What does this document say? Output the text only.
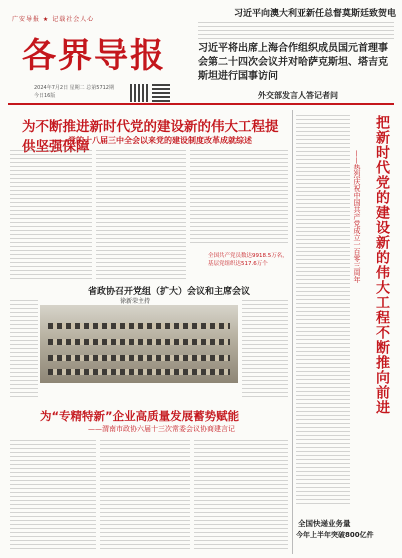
广安导报 ★ 记载社会人心
各界导报
2024年7月2日 星期二 总第5712期
今日16版
习近平向澳大利亚新任总督莫斯廷致贺电
习近平将出席上海合作组织成员国元首理事会第二十四次会议并对哈萨克斯坦、塔吉克斯坦进行国事访问
外交部发言人答记者问
为不断推进新时代党的建设新的伟大工程提供坚强保障
——党的十八届三中全会以来党的建设制度改革成就综述
全国共产党员数达9918.5万名，基层党组织达517.6万个
省政协召开党组（扩大）会议和主席会议
徐新荣主持
为“专精特新”企业高质量发展蓄势赋能
——渭南市政协六届十三次常委会议协商建言记
把新时代党的建设新的伟大工程不断推向前进
——热烈庆祝中国共产党成立一百零三周年
全国快递业务量
今年上半年突破800亿件
